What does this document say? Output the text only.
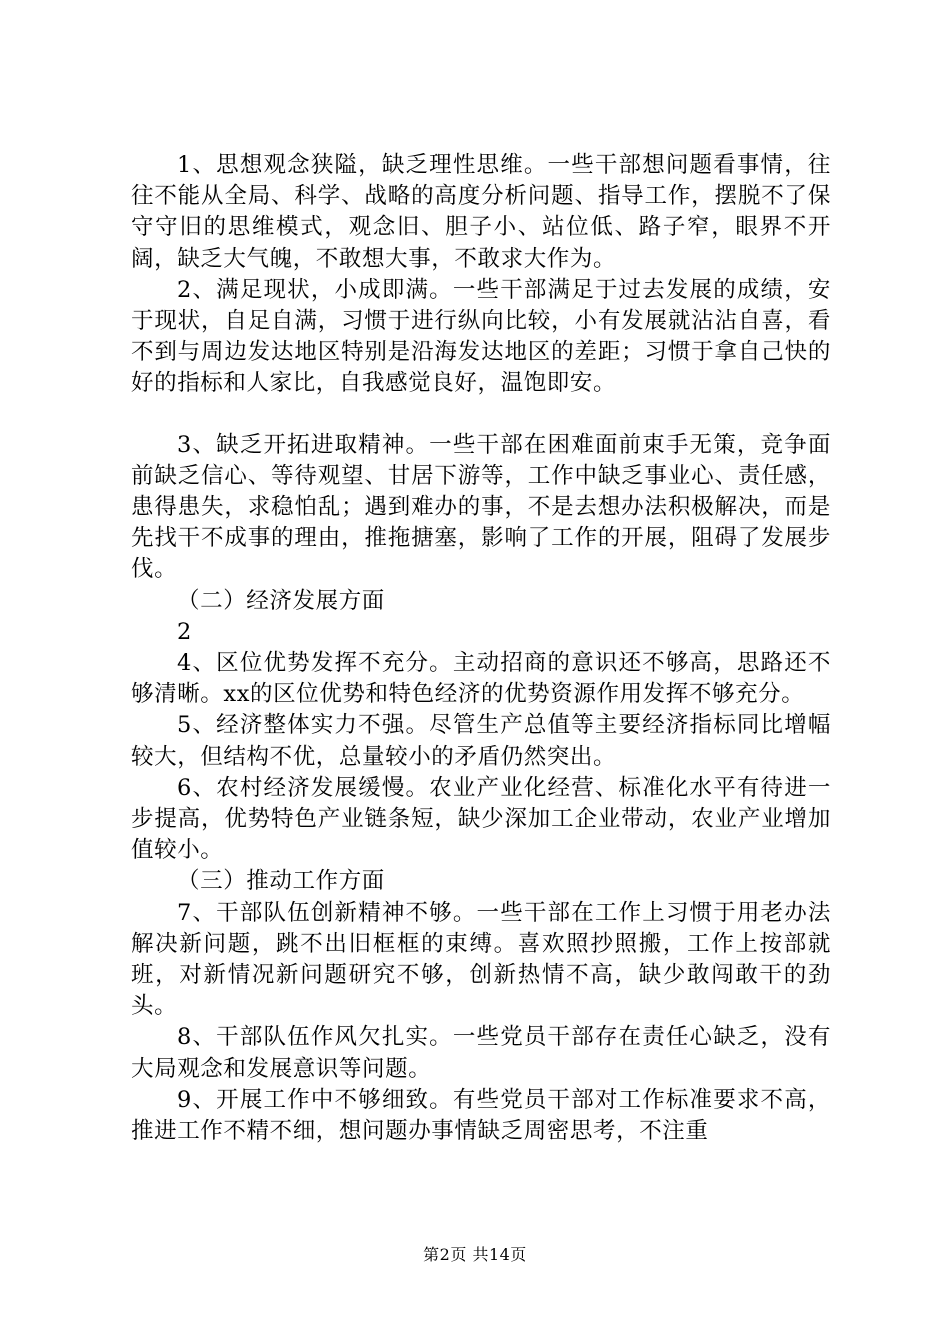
1、思想观念狭隘，缺乏理性思维。一些干部想问题看事情，往往不能从全局、科学、战略的高度分析问题、指导工作，摆脱不了保守守旧的思维模式，观念旧、胆子小、站位低、路子窄，眼界不开阔，缺乏大气魄，不敢想大事，不敢求大作为。

2、满足现状，小成即满。一些干部满足于过去发展的成绩，安于现状，自足自满，习惯于进行纵向比较，小有发展就沾沾自喜，看不到与周边发达地区特别是沿海发达地区的差距；习惯于拿自己快的好的指标和人家比，自我感觉良好，温饱即安。

3、缺乏开拓进取精神。一些干部在困难面前束手无策，竞争面前缺乏信心、等待观望、甘居下游等，工作中缺乏事业心、责任感，患得患失，求稳怕乱；遇到难办的事，不是去想办法积极解决，而是先找干不成事的理由，推拖搪塞，影响了工作的开展，阻碍了发展步伐。

（二）经济发展方面

2

4、区位优势发挥不充分。主动招商的意识还不够高，思路还不够清晰。xx的区位优势和特色经济的优势资源作用发挥不够充分。

5、经济整体实力不强。尽管生产总值等主要经济指标同比增幅较大，但结构不优，总量较小的矛盾仍然突出。

6、农村经济发展缓慢。农业产业化经营、标准化水平有待进一步提高，优势特色产业链条短，缺少深加工企业带动，农业产业增加值较小。

（三）推动工作方面

7、干部队伍创新精神不够。一些干部在工作上习惯于用老办法解决新问题，跳不出旧框框的束缚。喜欢照抄照搬，工作上按部就班，对新情况新问题研究不够，创新热情不高，缺少敢闯敢干的劲头。

8、干部队伍作风欠扎实。一些党员干部存在责任心缺乏，没有大局观念和发展意识等问题。

9、开展工作中不够细致。有些党员干部对工作标准要求不高，推进工作不精不细，想问题办事情缺乏周密思考，不注重

第2页 共14页
